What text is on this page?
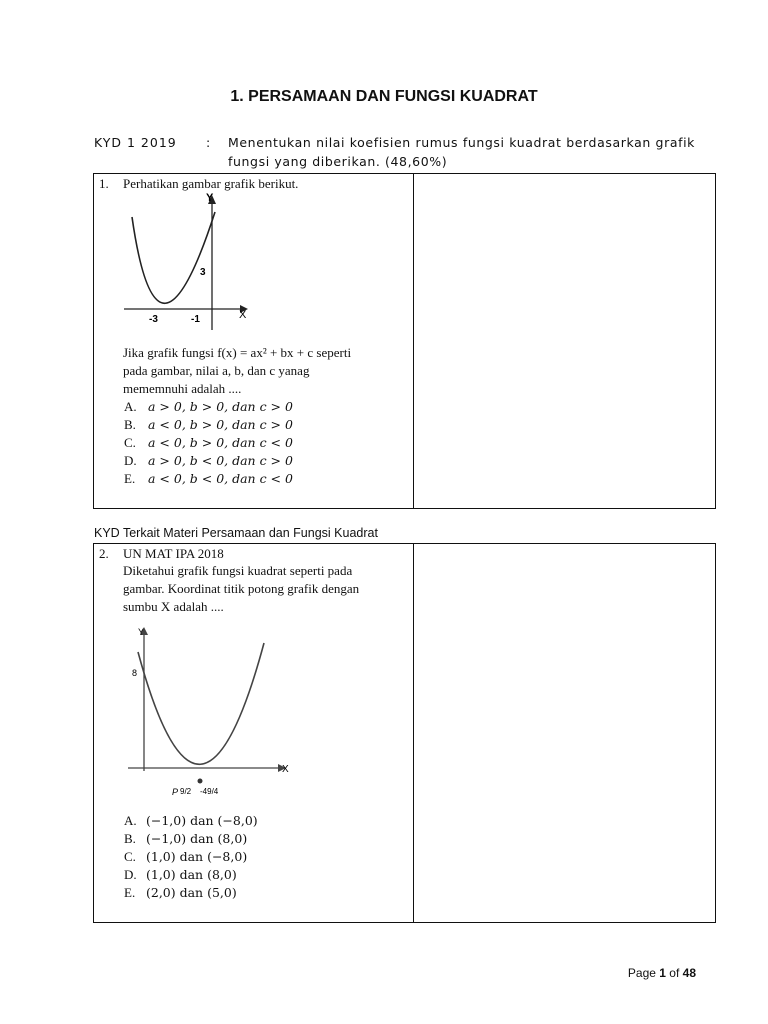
1. PERSAMAAN DAN FUNGSI KUADRAT
KYD 1 2019 : Menentukan nilai koefisien rumus fungsi kuadrat berdasarkan grafik fungsi yang diberikan. (48,60%)
1. Perhatikan gambar grafik berikut.
Y
X
3
-3	-1
Jika grafik fungsi f(x) = ax² + bx + c seperti
pada gambar, nilai a, b, dan c yanag
mememnuhi adalah ....
A. a > 0, b > 0, dan c > 0
B. a < 0, b > 0, dan c > 0
C. a < 0, b > 0, dan c < 0
D. a > 0, b < 0, dan c > 0
E. a < 0, b < 0, dan c < 0
KYD Terkait Materi Persamaan dan Fungsi Kuadrat
2. UN MAT IPA 2018
Diketahui grafik fungsi kuadrat seperti pada
gambar. Koordinat titik potong grafik dengan
sumbu X adalah ....
Y
X
8
P 9/2 -49/4
A. (−1,0) dan (−8,0)
B. (−1,0) dan (8,0)
C. (1,0) dan (−8,0)
D. (1,0) dan (8,0)
E. (2,0) dan (5,0)
Page 1 of 48
